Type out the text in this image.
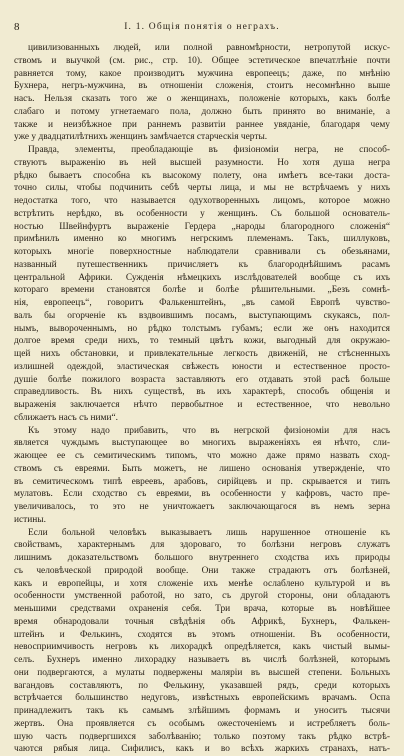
8	I. 1. Общiя понятiя о неграхъ.
цивилизованныхъ людей, или полной равномѣрности, нетропутой искус-
ствомъ и выучкой (см. рис., стр. 10). Общее эстетическое впечатлѣніе почти
равняется тому, какое производитъ мужчина европеецъ; даже, по мнѣнію
Бухнера, негръ-мужчина, въ отношеніи сложенія, стоитъ несомнѣнно выше
насъ. Нельзя сказать того же о женщинахъ, положеніе которыхъ, какъ болѣе
слабаго и потому угнетаемаго пола, должно быть принято во вниманіе, а
также и неизбѣжное при раннемъ развитіи раннее увяданіе, благодаря чему
уже у двадцатилѣтнихъ женщинъ замѣчается старческія черты.
Правда, элементы, преобладающіе въ физіономіи негра, не способ-
ствуютъ выраженію въ ней высшей разумности. Но хотя душа негра
рѣдко бываетъ способна къ высокому полету, она имѣетъ все-таки доста-
точно силы, чтобы подчинить себѣ черты лица, и мы не встрѣчаемъ у нихъ
недостатка того, что называется одухотворенныхъ лицомъ, которое можно
встрѣтить нерѣдко, въ особенности у женщинъ. Съ большой основатель-
ностью Швейнфуртъ выраженіе Гердера „народы благородного сложенія“
примѣнилъ именно ко многимъ негрскимъ племенамъ. Такъ, шиллуковъ,
которыхъ многіе поверхностные наблюдатели сравнивали съ обезьянами,
названный путешественникъ причисляетъ къ благороднѣйшимъ расамъ
центральной Африки. Сужденія нѣмецкихъ изслѣдователей вообще съ ихъ
котораго времени становятся болѣе и болѣе рѣшительными. „Безъ сомнѣ-
нія, европеецъ“, говоритъ Фалькенштейнъ, „въ самой Европѣ чувство-
валъ бы огорченіе къ вздвоившимъ посамъ, выступающимъ скукаясь, пол-
нымъ, вывороченнымъ, но рѣдко толстымъ губамъ; если же онъ находится
долгое время среди нихъ, то темный цвѣтъ кожи, выгодный для окружаю-
щей нихъ обстановки, и привлекательные легкость движеній, не стѣсненныхъ
излишней одеждой, эластическая свѣжесть юности и естественное просто-
душіе болѣе пожилого возраста заставляютъ его отдавать этой расѣ больше
справедливость. Въ нихъ существѣ, въ ихъ характерѣ, способъ общенія и
выраженія заключается нѣчто первобытное и естественное, что невольно
сближаетъ насъ съ ними“.
Къ этому надо прибавить, что въ негрской физіономіи для насъ
является чуждымъ выступающее во многихъ выраженіяхъ ея нѣчто, сли-
жающее ее съ семитическимъ типомъ, что можно даже прямо назвать сход-
ствомъ съ евреями. Быть можетъ, не лишено основанія утвержденіе, что
въ семитическомъ типѣ евреевъ, арабовъ, сирійцевъ и пр. скрывается и типъ
мулатовъ. Если сходство съ евреями, въ особенности у кафровъ, часто пре-
увеличивалось, то это не уничтожаетъ заключающагося въ немъ зерна
истины.
Если больной человѣкъ выказываетъ лишь нарушенное отношеніе къ
свойствамъ, характернымъ для здороваго, то болѣзни негровъ служатъ
лишнимъ доказательствомъ большого внутреннего сходства ихъ природы
съ человѣческой природой вообще. Они также страдаютъ отъ болѣзней,
какъ и европейцы, и хотя сложеніе ихъ менѣе ослаблено культурой и въ
особенности умственной работой, но зато, съ другой стороны, они обладаютъ
меньшими средствами охраненія себя. Три врача, которые въ новѣйшее
время обнародовали точныя свѣдѣнія объ Африкѣ, Бухнеръ, Фалькен-
штейнъ и Фелькинъ, сходятся въ этомъ отношеніи. Въ особенности,
невосприимчивость негровъ къ лихорадкѣ опредѣляется, какъ чистый вымы-
селъ. Бухнеръ именно лихорадку называетъ въ числѣ болѣзней, которымъ
они подвергаются, а мулаты подвержены маляріи въ высшей степени. Больныхъ
вагандовъ составляютъ, по Фелькину, указавшей рядъ, среди которыхъ
встрѣчается большинство недуговъ, извѣстныхъ европейскимъ врачамъ. Оспа
принадлежитъ такъ къ самымъ злѣйшимъ формамъ и уноситъ тысячи
жертвъ. Она проявляется съ особымъ ожесточеніемъ и истребляетъ боль-
шую часть подвергшихся заболѣванію; только поэтому такъ рѣдко встрѣ-
чаются рябыя лица. Сифилисъ, какъ и во всѣхъ жаркихъ странахъ, натъ-
